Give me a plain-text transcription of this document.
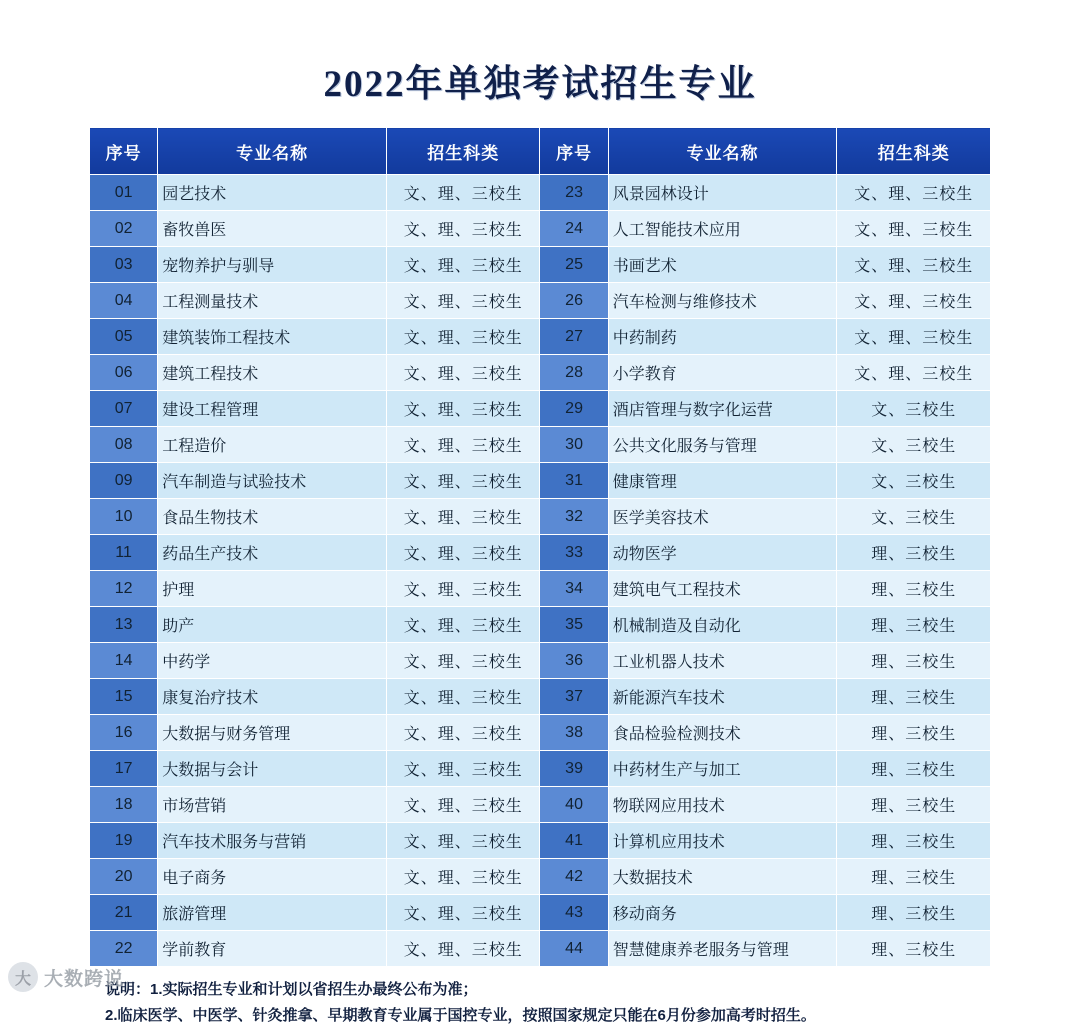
2022年单独考试招生专业
序号	专业名称	招生科类	序号	专业名称	招生科类
01	园艺技术	文、理、三校生	23	风景园林设计	文、理、三校生
02	畜牧兽医	文、理、三校生	24	人工智能技术应用	文、理、三校生
03	宠物养护与驯导	文、理、三校生	25	书画艺术	文、理、三校生
04	工程测量技术	文、理、三校生	26	汽车检测与维修技术	文、理、三校生
05	建筑装饰工程技术	文、理、三校生	27	中药制药	文、理、三校生
06	建筑工程技术	文、理、三校生	28	小学教育	文、理、三校生
07	建设工程管理	文、理、三校生	29	酒店管理与数字化运营	文、三校生
08	工程造价	文、理、三校生	30	公共文化服务与管理	文、三校生
09	汽车制造与试验技术	文、理、三校生	31	健康管理	文、三校生
10	食品生物技术	文、理、三校生	32	医学美容技术	文、三校生
11	药品生产技术	文、理、三校生	33	动物医学	理、三校生
12	护理	文、理、三校生	34	建筑电气工程技术	理、三校生
13	助产	文、理、三校生	35	机械制造及自动化	理、三校生
14	中药学	文、理、三校生	36	工业机器人技术	理、三校生
15	康复治疗技术	文、理、三校生	37	新能源汽车技术	理、三校生
16	大数据与财务管理	文、理、三校生	38	食品检验检测技术	理、三校生
17	大数据与会计	文、理、三校生	39	中药材生产与加工	理、三校生
18	市场营销	文、理、三校生	40	物联网应用技术	理、三校生
19	汽车技术服务与营销	文、理、三校生	41	计算机应用技术	理、三校生
20	电子商务	文、理、三校生	42	大数据技术	理、三校生
21	旅游管理	文、理、三校生	43	移动商务	理、三校生
22	学前教育	文、理、三校生	44	智慧健康养老服务与管理	理、三校生
说明：1.实际招生专业和计划以省招生办最终公布为准；
2.临床医学、中医学、针灸推拿、早期教育专业属于国控专业，按照国家规定只能在6月份参加高考时招生。
大 大数跨说
